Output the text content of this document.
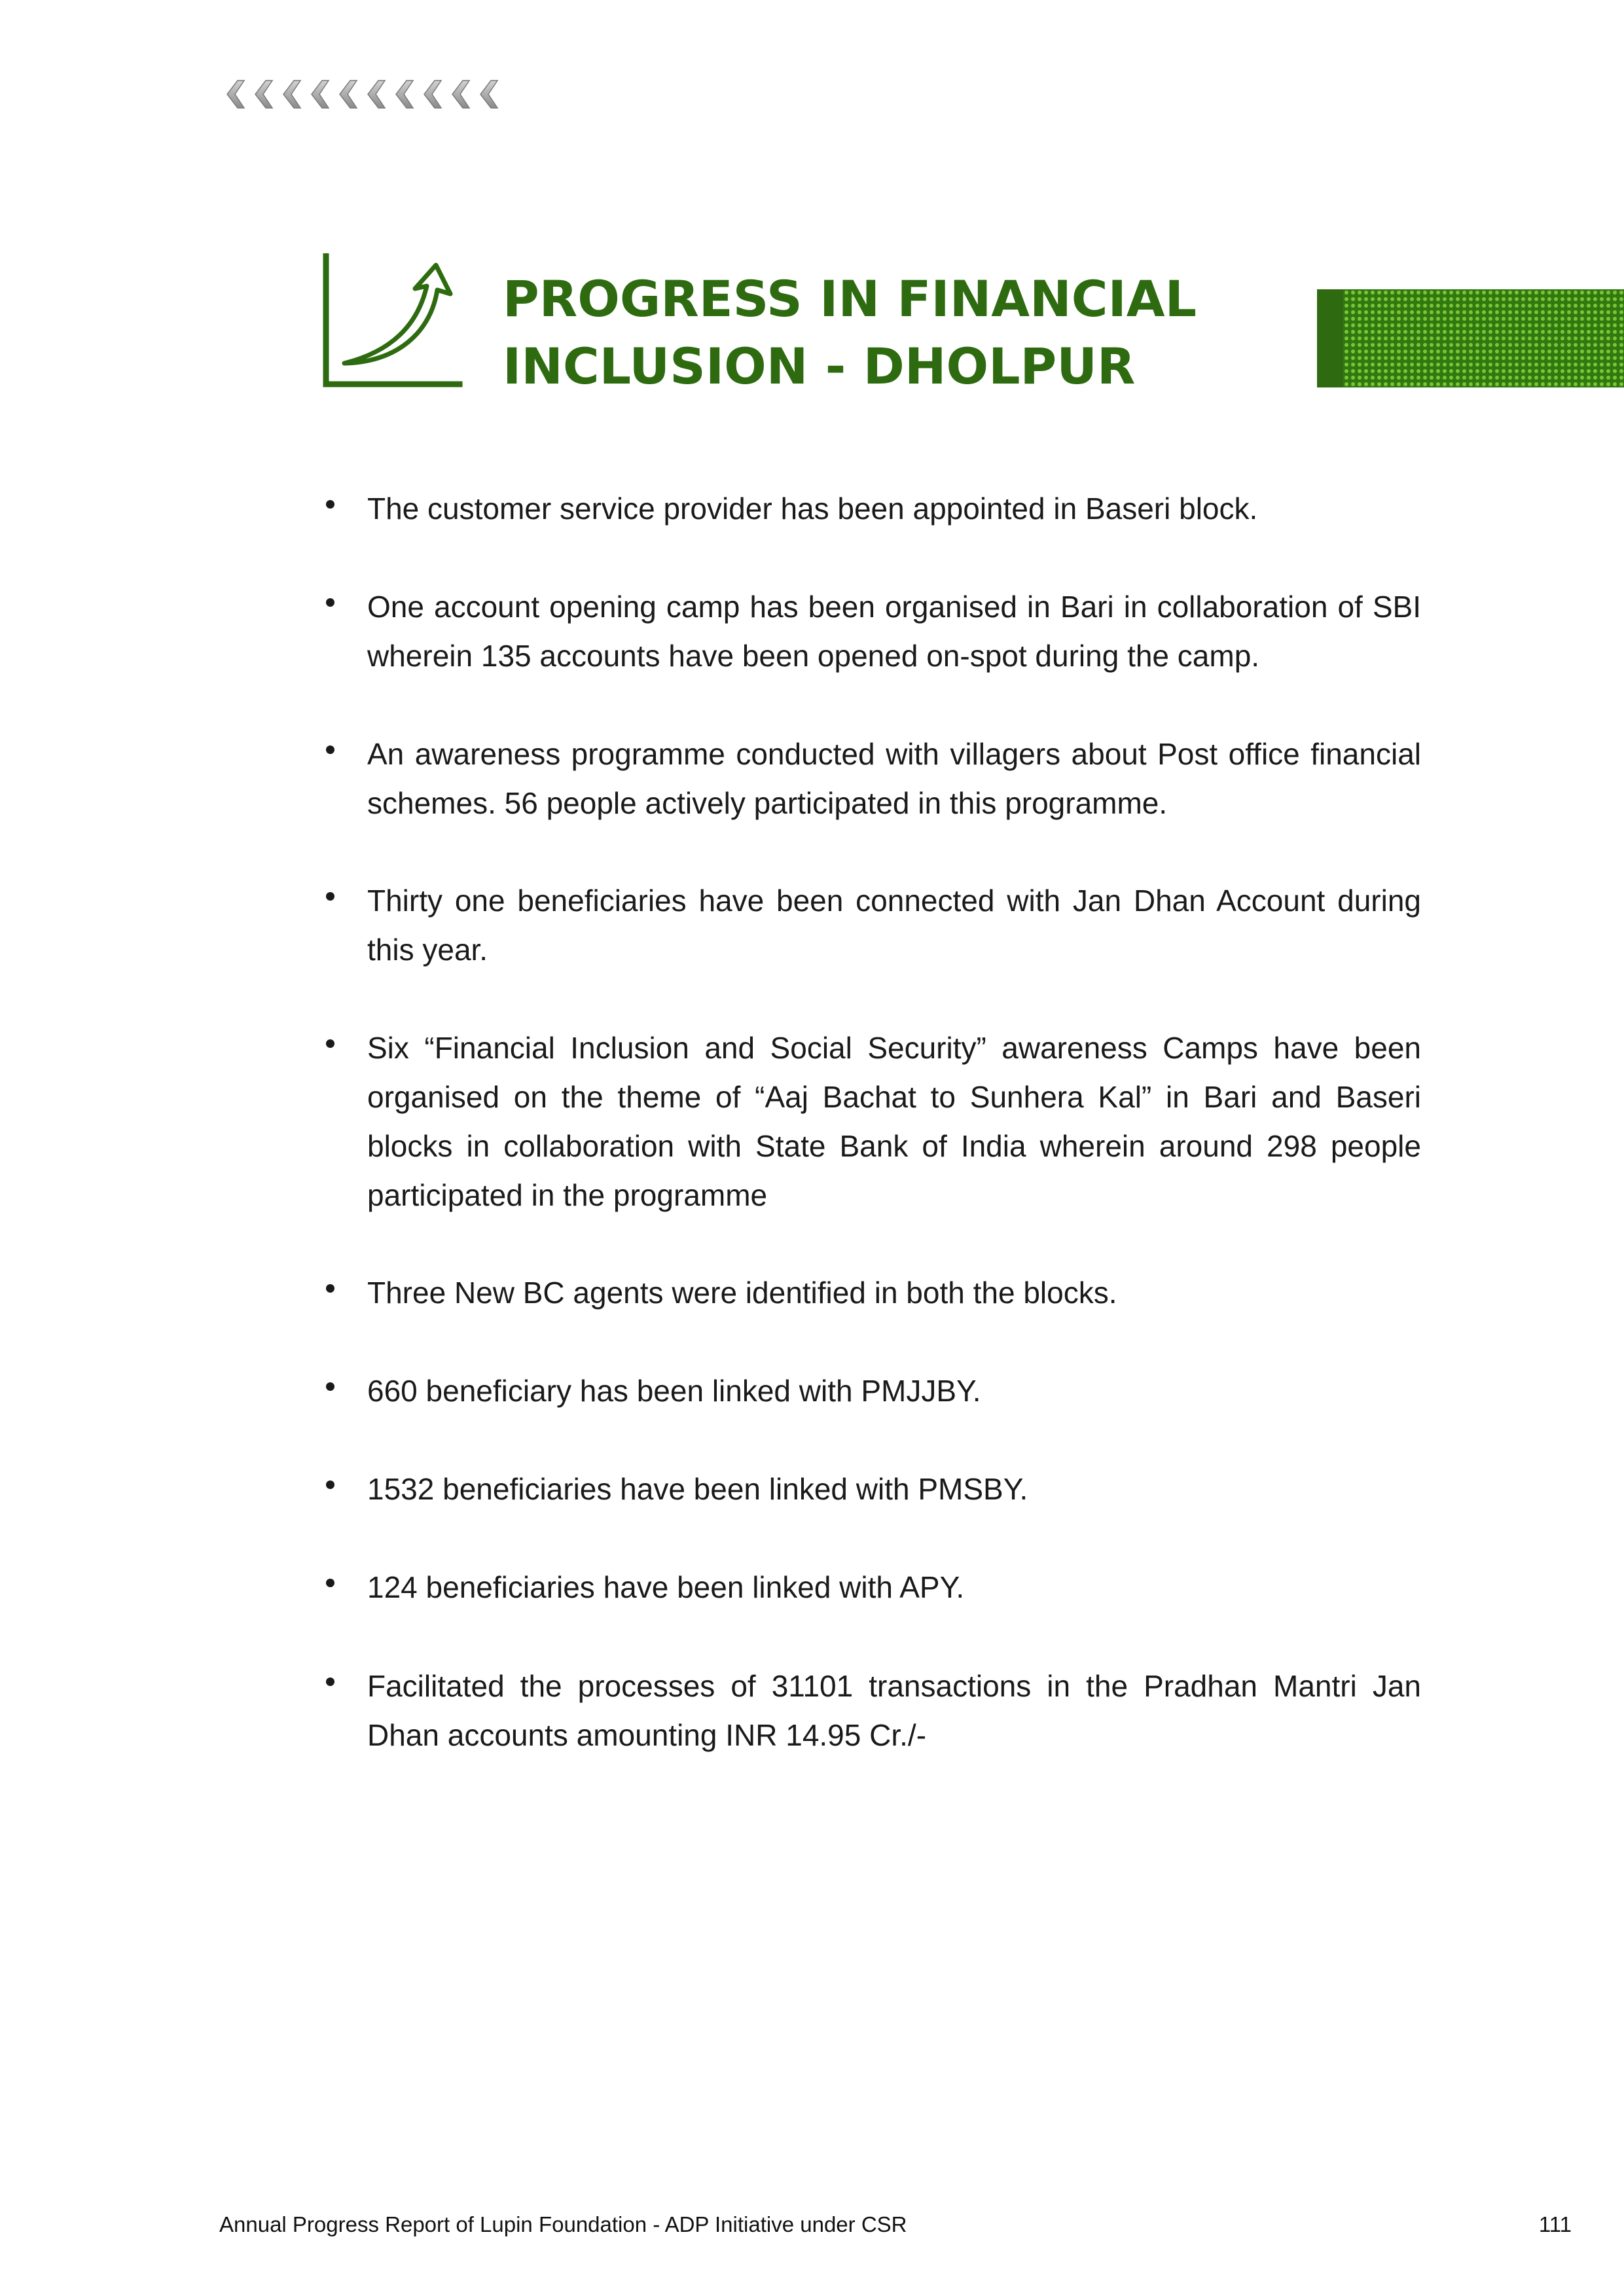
PROGRESS IN FINANCIAL
INCLUSION - DHOLPUR
The customer service provider has been appointed in Baseri block.
One account opening camp has been organised in Bari in collaboration of SBI wherein 135 accounts have been opened on-spot during the camp.
An awareness programme conducted with villagers about Post office financial schemes. 56 people actively participated in this programme.
Thirty one beneficiaries have been connected with Jan Dhan Account during this year.
Six “Financial Inclusion and Social Security” awareness Camps have been organised on the theme of “Aaj Bachat to Sunhera Kal” in Bari and Baseri blocks in collaboration with State Bank of India wherein around 298 people participated in the programme
Three New BC agents were identified in both the blocks.
660 beneficiary has been linked with PMJJBY.
1532 beneficiaries have been linked with PMSBY.
124 beneficiaries have been linked with APY.
Facilitated the processes of 31101 transactions in the Pradhan Mantri Jan Dhan accounts amounting INR 14.95 Cr./-
Annual Progress Report of Lupin Foundation - ADP Initiative under CSR	111
